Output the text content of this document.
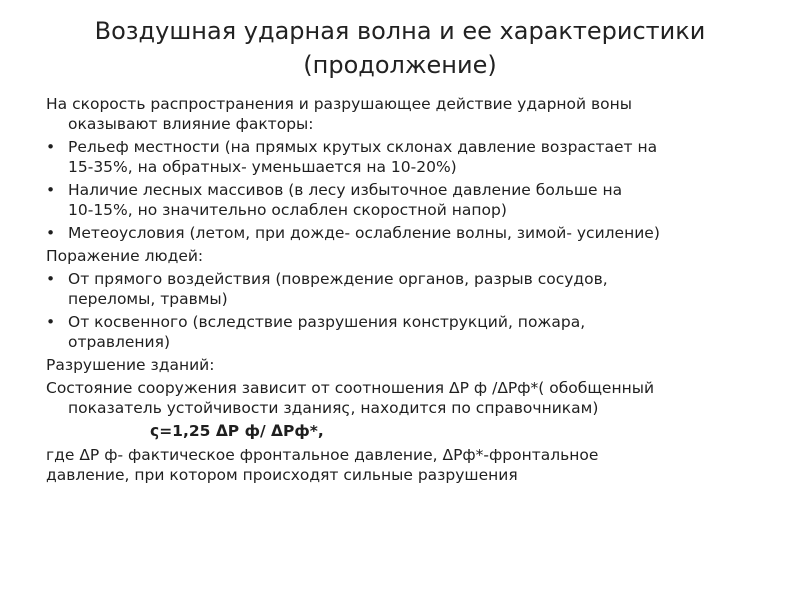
Воздушная ударная волна и ее характеристики
(продолжение)
На скорость распространения и разрушающее действие ударной воны
оказывают влияние факторы:
• Рельеф местности (на прямых крутых склонах давление возрастает на
15-35%, на обратных- уменьшается на 10-20%)
• Наличие лесных массивов (в лесу избыточное давление больше на
10-15%, но значительно ослаблен скоростной напор)
• Метеоусловия (летом, при дожде- ослабление волны, зимой- усиление)
Поражение людей:
• От прямого воздействия (повреждение органов, разрыв сосудов,
переломы, травмы)
• От косвенного (вследствие разрушения конструкций, пожара,
отравления)
Разрушение зданий:
Состояние сооружения зависит от соотношения ΔP ф /ΔРф*( обобщенный
показатель устойчивости зданияς, находится по справочникам)
ς=1,25 ΔР ф/ ΔРф*,
где ΔP ф- фактическое фронтальное давление, ΔРф*-фронтальное
давление, при котором происходят сильные разрушения
